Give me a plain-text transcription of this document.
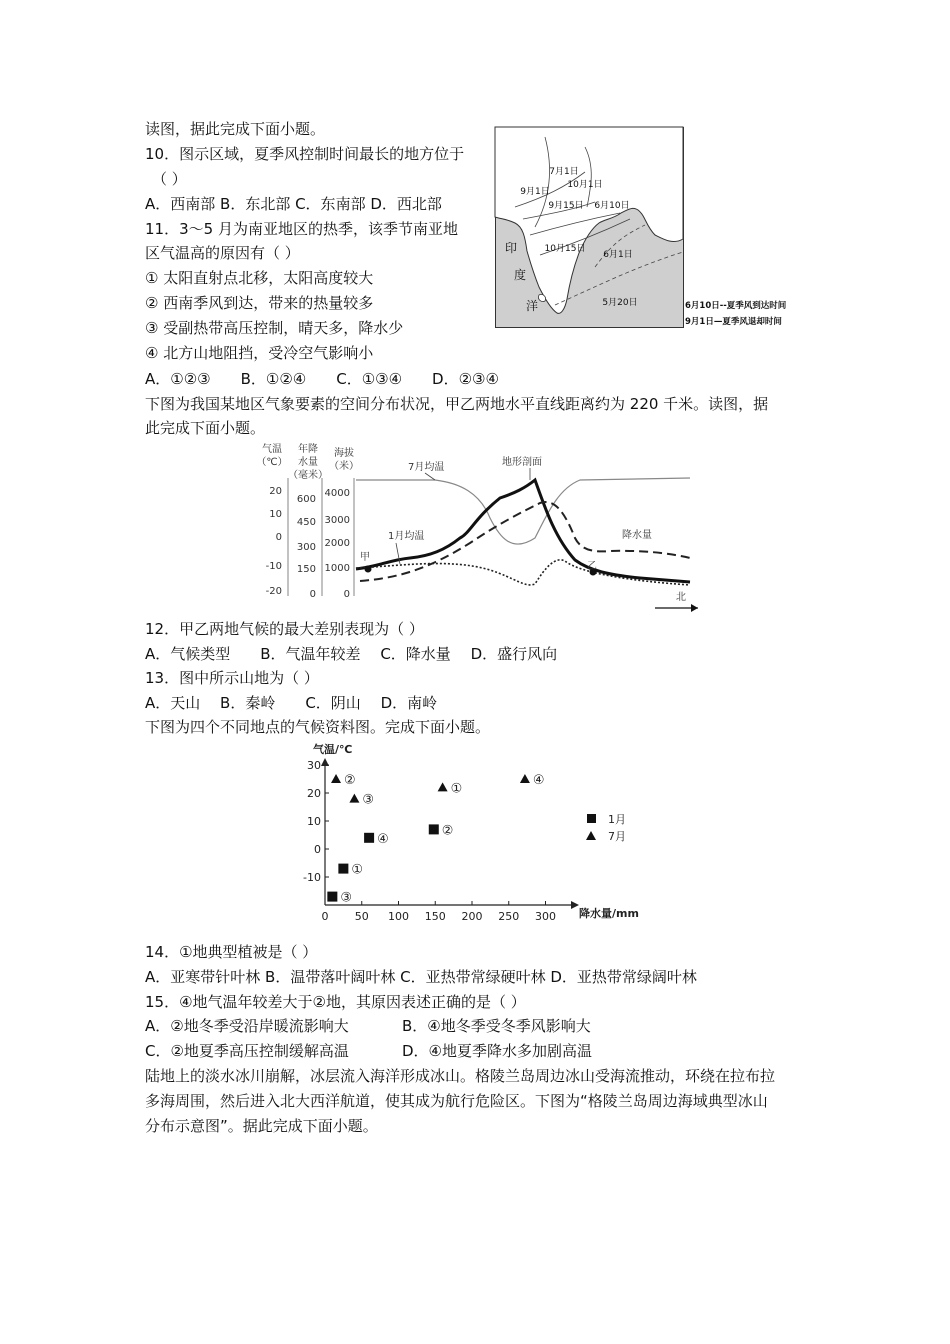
读图，据此完成下面小题。
10．图示区域，夏季风控制时间最长的地方位于
（ ）
A．西南部 B．东北部 C．东南部 D．西北部
11．3～5 月为南亚地区的热季，该季节南亚地
区气温高的原因有（ ）
① 太阳直射点北移，太阳高度较大
② 西南季风到达，带来的热量较多
③ 受副热带高压控制，晴天多，降水少
④ 北方山地阻挡，受冷空气影响小
A．①②③　　B．①②④　　C．①③④　　D．②③④
7月1日
10月1日
9月1日
9月15日 6月10日
10月15日
6月1日
5月20日
印
度
洋	6月10日--夏季风到达时间
9月1日—夏季风退却时间
下图为我国某地区气象要素的空间分布状况，甲乙两地水平直线距离约为 220 千米。读图，据
此完成下面小题。
气温
（℃）
年降
水量
（毫米）
海拔
（米）
20
10
0
-10
-20
600
450
300
150
0
4000
3000
2000
1000
0
7月均温	地形剖面
1月均温	降水量
甲
乙
北
12．甲乙两地气候的最大差别表现为（ ）
A．气候类型　　B．气温年较差　 C．降水量　 D．盛行风向
13．图中所示山地为（ ）
A．天山　 B．秦岭　　C．阴山　 D．南岭
下图为四个不同地点的气候资料图。完成下面小题。
气温/℃
降水量/mm
0 50 100 150 200 250 300
30
20
10
0
-10 ①
②
③
④
①
②
③
④
1月
7月
14．①地典型植被是（ ）
A．亚寒带针叶林 B．温带落叶阔叶林 C．亚热带常绿硬叶林 D．亚热带常绿阔叶林
15．④地气温年较差大于②地，其原因表述正确的是（ ）
A．②地冬季受沿岸暖流影响大	B．④地冬季受冬季风影响大
C．②地夏季高压控制缓解高温	D．④地夏季降水多加剧高温
陆地上的淡水冰川崩解，冰层流入海洋形成冰山。格陵兰岛周边冰山受海流推动，环绕在拉布拉
多海周围，然后进入北大西洋航道，使其成为航行危险区。下图为“格陵兰岛周边海域典型冰山
分布示意图”。据此完成下面小题。
